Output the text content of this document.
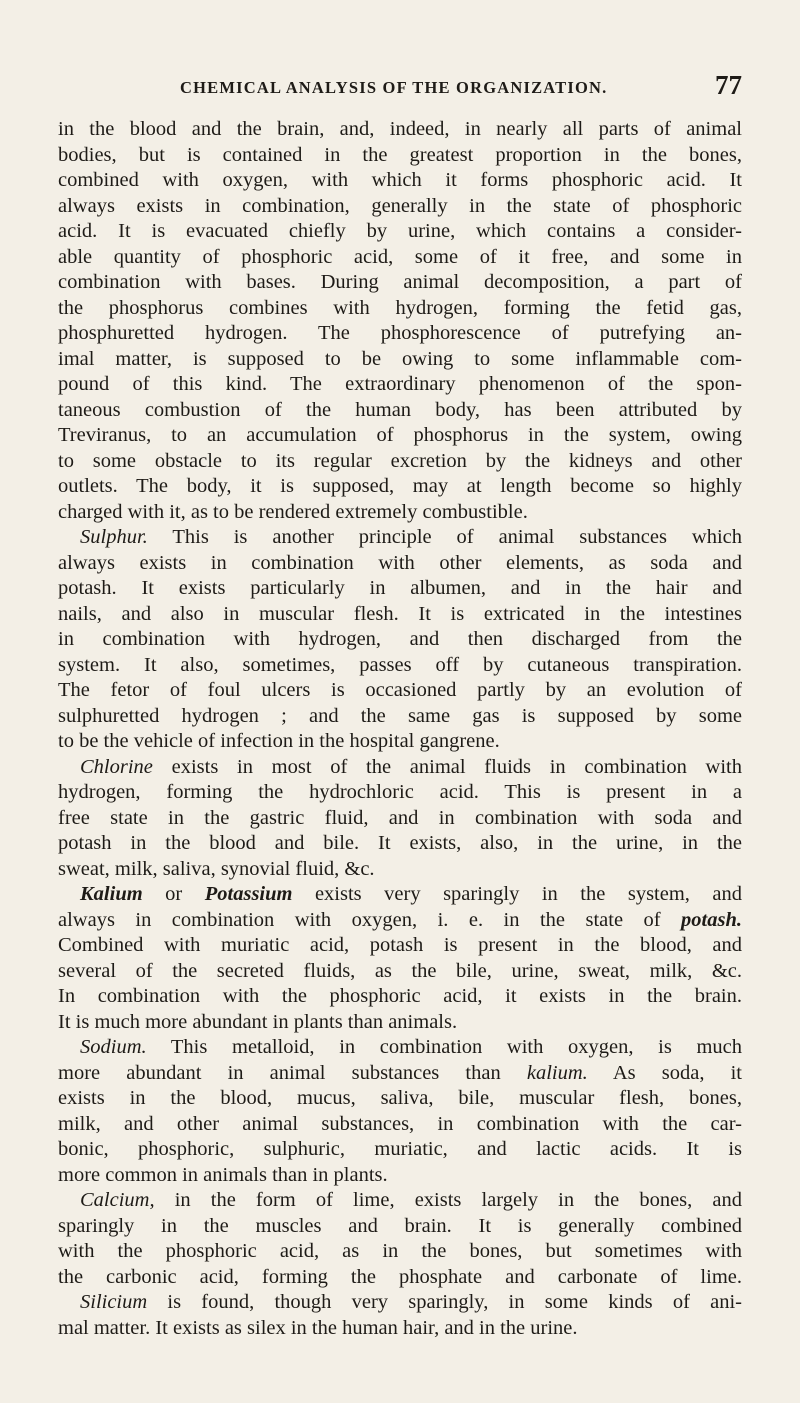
CHEMICAL ANALYSIS OF THE ORGANIZATION.	77
in the blood and the brain, and, indeed, in nearly all parts of animal
bodies, but is contained in the greatest proportion in the bones,
combined with oxygen, with which it forms phosphoric acid. It
always exists in combination, generally in the state of phosphoric
acid. It is evacuated chiefly by urine, which contains a consider-
able quantity of phosphoric acid, some of it free, and some in
combination with bases. During animal decomposition, a part of
the phosphorus combines with hydrogen, forming the fetid gas,
phosphuretted hydrogen. The phosphorescence of putrefying an-
imal matter, is supposed to be owing to some inflammable com-
pound of this kind. The extraordinary phenomenon of the spon-
taneous combustion of the human body, has been attributed by
Treviranus, to an accumulation of phosphorus in the system, owing
to some obstacle to its regular excretion by the kidneys and other
outlets. The body, it is supposed, may at length become so highly
charged with it, as to be rendered extremely combustible.
Sulphur. This is another principle of animal substances which
always exists in combination with other elements, as soda and
potash. It exists particularly in albumen, and in the hair and
nails, and also in muscular flesh. It is extricated in the intestines
in combination with hydrogen, and then discharged from the
system. It also, sometimes, passes off by cutaneous transpiration.
The fetor of foul ulcers is occasioned partly by an evolution of
sulphuretted hydrogen ; and the same gas is supposed by some
to be the vehicle of infection in the hospital gangrene.
Chlorine exists in most of the animal fluids in combination with
hydrogen, forming the hydrochloric acid. This is present in a
free state in the gastric fluid, and in combination with soda and
potash in the blood and bile. It exists, also, in the urine, in the
sweat, milk, saliva, synovial fluid, &c.
Kalium or Potassium exists very sparingly in the system, and
always in combination with oxygen, i. e. in the state of potash.
Combined with muriatic acid, potash is present in the blood, and
several of the secreted fluids, as the bile, urine, sweat, milk, &c.
In combination with the phosphoric acid, it exists in the brain.
It is much more abundant in plants than animals.
Sodium. This metalloid, in combination with oxygen, is much
more abundant in animal substances than kalium. As soda, it
exists in the blood, mucus, saliva, bile, muscular flesh, bones,
milk, and other animal substances, in combination with the car-
bonic, phosphoric, sulphuric, muriatic, and lactic acids. It is
more common in animals than in plants.
Calcium, in the form of lime, exists largely in the bones, and
sparingly in the muscles and brain. It is generally combined
with the phosphoric acid, as in the bones, but sometimes with
the carbonic acid, forming the phosphate and carbonate of lime.
Silicium is found, though very sparingly, in some kinds of ani-
mal matter. It exists as silex in the human hair, and in the urine.
